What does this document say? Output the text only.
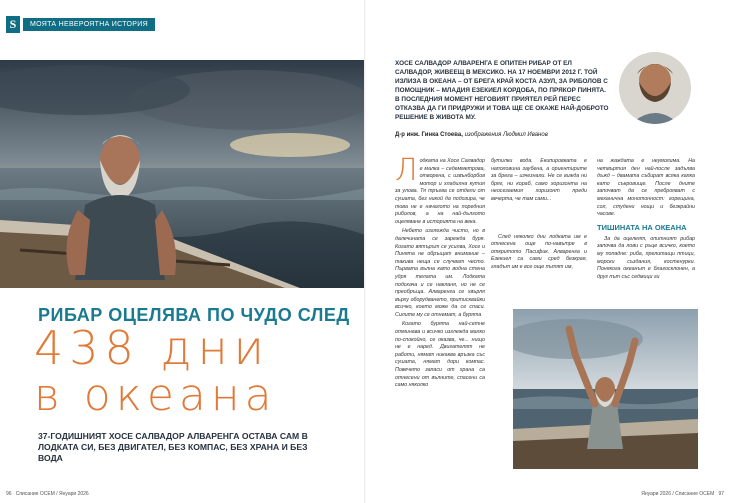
S	МОЯТА НЕВЕРОЯТНА ИСТОРИЯ
РИБАР ОЦЕЛЯВА ПО ЧУДО СЛЕД
438 дни
в океана
37-ГОДИШНИЯТ ХОСЕ САЛВАДОР АЛВАРЕНГА ОСТАВА САМ В ЛОДКАТА СИ, БЕЗ ДВИГАТЕЛ, БЕЗ КОМПАС, БЕЗ ХРАНА И БЕЗ ВОДА
96 Списание ОСЕМ / Януари 2026
ХОСЕ САЛВАДОР АЛВАРЕНГА Е ОПИТЕН РИБАР ОТ ЕЛ САЛВАДОР, ЖИВЕЕЩ В МЕКСИКО. НА 17 НОЕМВРИ 2012 Г. ТОЙ ИЗЛИЗА В ОКЕАНА – ОТ БРЕГА КРАЙ КОСТА АЗУЛ, ЗА РИБОЛОВ С ПОМОЩНИК – МЛАДИЯ ЕЗЕКИЕЛ КОРДОБА, ПО ПРЯКОР ПИНЯТА. В ПОСЛЕДНИЯ МОМЕНТ НЕГОВИЯТ ПРИЯТЕЛ РЕЙ ПЕРЕС ОТКАЗВА ДА ГИ ПРИДРУЖИ И ТОВА ЩЕ СЕ ОКАЖЕ НАЙ-ДОБРОТО РЕШЕНИЕ В ЖИВОТА МУ.
Д-р инж. Гинка Стоева, изображения Людмил Иванов

Лодката на Хосе Салвадор е малка – седемметрова, отворена, с извънборбов мотор и хладилна кутия за улова. Тя тръгва се отдели от сушата, без никой да подозира, че това не е началото на поредния риболов, а на най-дългото оцеляване в историята на века.

Небето изглежда чисто, но в далечината се зарежда буря. Когато вятърът се усилва, Хосе и Пинята не обръщат внимание – такива неща се случват често. Първата вълна като водна стена удря телата им. Лодката подскача и се накланя, но не се преобръща. Алваренга се хвърля върху оборудването, притисквайки всичко, което може да се спаси. Силите му се отнемат, а бурята

Когато бурята най-сетне отминава и всичко изглежда малко по-спокойно, се оказва, че... нищо не е наред. Двигателят не работи, нямат никаква връзка със сушата, нямат дори компас. Повечето запаси от храна са отнесени от вълните, спасени са само няколко

бутилки вода. Екипировката е наполовина заубена, а ориентирите за брега – изчезнали. Не се вижда ни бряг, ни кораб, само хоризонта на неосезаемия хоризонт преди вечерта, че там сами...

След няколко дни лодката им е отнесена още по-навътре в откритото Пасифик. Алваренга и Езекиел са сами сред безкрая, гладът им е все още пътят им,

на жаждата е неумолима. На четвъртия ден най-после задълва дъжд – двамата събират всяка капка като съкровище. После днитe започват да се преброяват с механична монотонност: горещина, сол, студени нощи и безкрайни часове.

ТИШИНАТА НА ОКЕАНА

За да оцелеят, опитният рибар започва да лови с ръце всичко, което му попадне: риба, прелитащи птици, морски създания, костенурки. Понякога океанът е благосклонен, а друг път със седмици ги

Януари 2026 / Списание ОСЕМ 97
